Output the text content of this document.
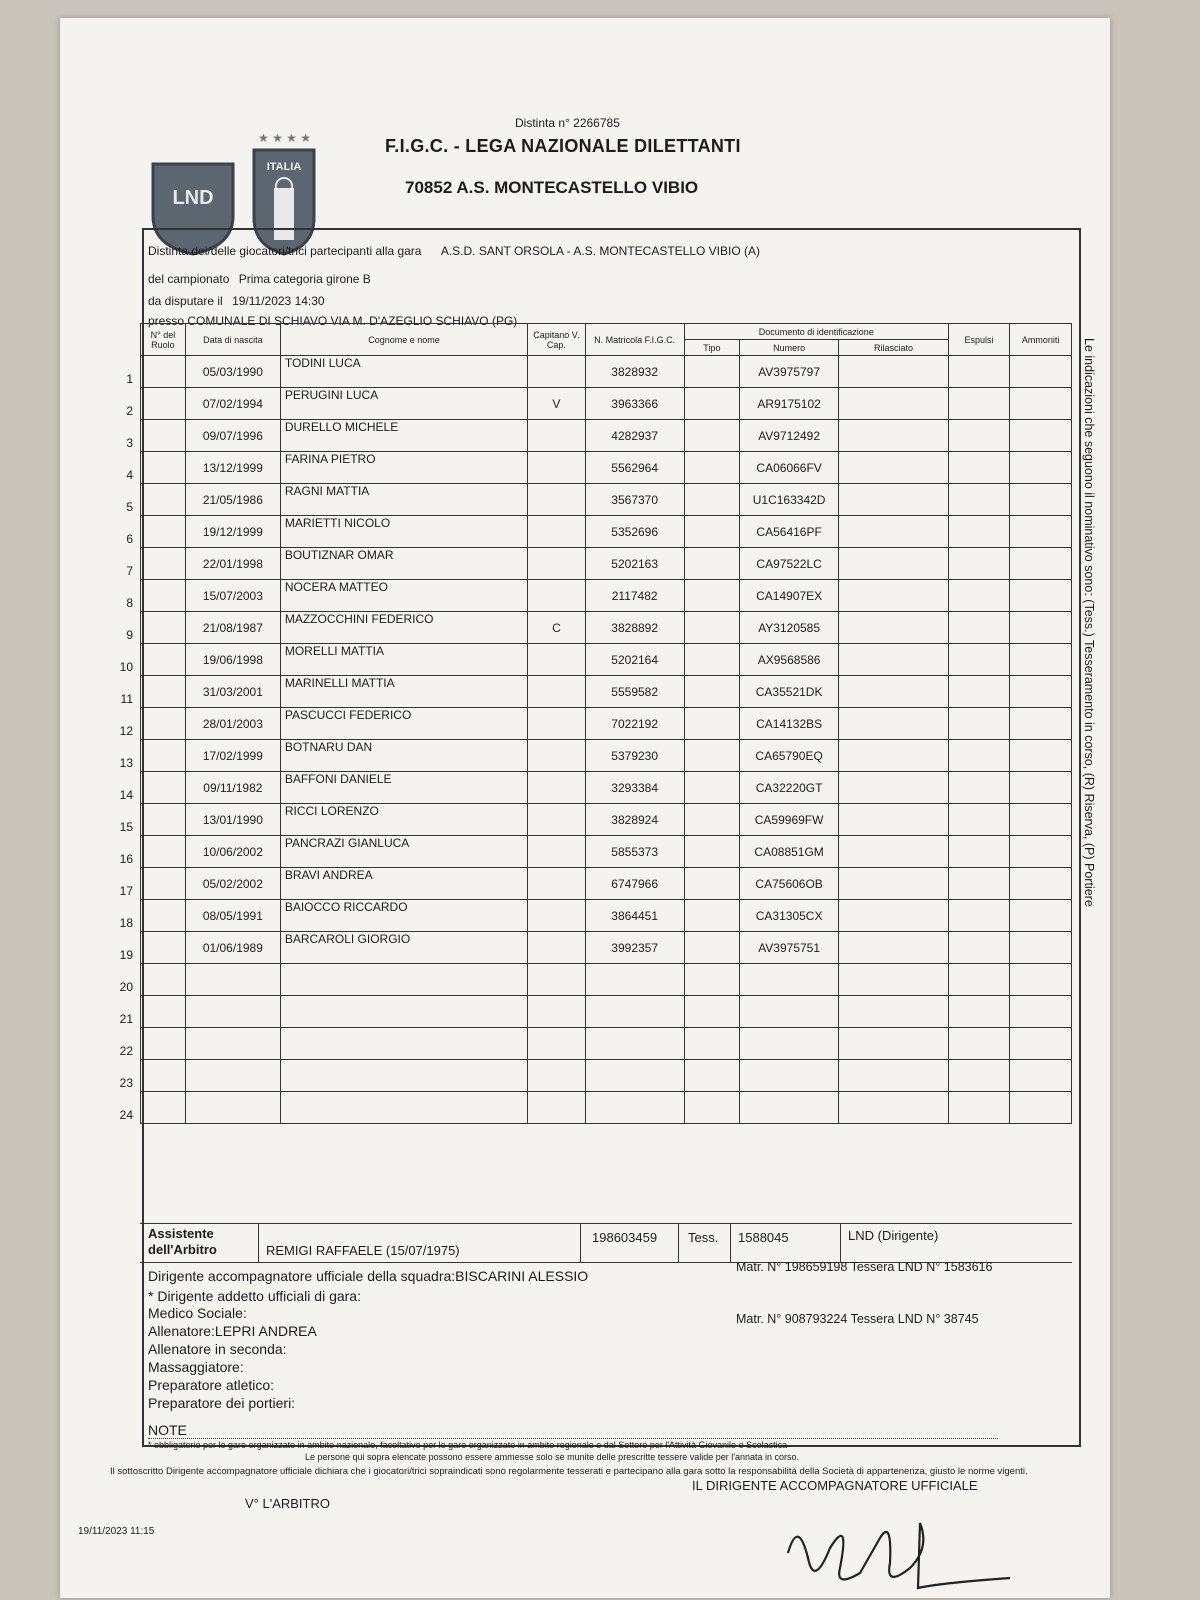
LND
★ ★ ★ ★
ITALIA
Distinta n° 2266785
F.I.G.C. - LEGA NAZIONALE DILETTANTI
70852 A.S. MONTECASTELLO VIBIO
Distinta dei/delle giocatori/trici partecipanti alla gara A.S.D. SANT ORSOLA - A.S. MONTECASTELLO VIBIO (A)
del campionato Prima categoria girone B
da disputare il 19/11/2023 14:30
presso COMUNALE DI SCHIAVO VIA M. D'AZEGLIO SCHIAVO (PG)
N° del Ruolo	Data di nascita	Cognome e nome	Capitano V. Cap.	N. Matricola F.I.G.C.	Documento di identificazione			Espulsi	Ammoniti
					Tipo	Numero	Rilasciato		

1	05/03/1990	TODINI LUCA		3828932		AV3975797			

2	07/02/1994	PERUGINI LUCA	V	3963366		AR9175102			

3	09/07/1996	DURELLO MICHELE		4282937		AV9712492			

4	13/12/1999	FARINA PIETRO		5562964		CA06066FV			

5	21/05/1986	RAGNI MATTIA		3567370		U1C163342D			

6	19/12/1999	MARIETTI NICOLO		5352696		CA56416PF			

7	22/01/1998	BOUTIZNAR OMAR		5202163		CA97522LC			

8	15/07/2003	NOCERA MATTEO		2117482		CA14907EX			

9	21/08/1987	MAZZOCCHINI FEDERICO	C	3828892		AY3120585			

10	19/06/1998	MORELLI MATTIA		5202164		AX9568586			

11	31/03/2001	MARINELLI MATTIA		5559582		CA35521DK			

12	28/01/2003	PASCUCCI FEDERICO		7022192		CA14132BS			

13	17/02/1999	BOTNARU DAN		5379230		CA65790EQ			

14	09/11/1982	BAFFONI DANIELE		3293384		CA32220GT			

15	13/01/1990	RICCI LORENZO		3828924		CA59969FW			

16	10/06/2002	PANCRAZI GIANLUCA		5855373		CA08851GM			

17	05/02/2002	BRAVI ANDREA		6747966		CA75606OB			

18	08/05/1991	BAIOCCO RICCARDO		3864451		CA31305CX			

19	01/06/1989	BARCAROLI GIORGIO		3992357		AV3975751			

20									

21									

22									

23									

24									

Assistente dell'Arbitro	REMIGI RAFFAELE (15/07/1975)
198603459 Tess. 1588045	LND (Dirigente)
Dirigente accompagnatore ufficiale della squadra:BISCARINI ALESSIO
Matr. N° 198659198 Tessera LND N° 1583616
* Dirigente addetto ufficiali di gara:
Medico Sociale:	Matr. N° 908793224 Tessera LND N° 38745
Allenatore:LEPRI ANDREA
Allenatore in seconda:
Massaggiatore:
Preparatore atletico:
Preparatore dei portieri:
NOTE
* obbligatorio per le gare organizzate in ambito nazionale, facoltativo per le gare organizzate in ambito regionale e dal Settore per l'Attività Giovanile e Scolastica
Le persone qui sopra elencate possono essere ammesse solo se munite delle prescritte tessere valide per l'annata in corso.
Le indicazioni che seguono il nominativo sono: (Tess.) Tesseramento in corso, (R) Riserva, (P) Portiere
Il sottoscritto Dirigente accompagnatore ufficiale dichiara che i giocatori/trici sopraindicati sono regolarmente tesserati e partecipano alla gara sotto la responsabilità della Società di appartenenza, giusto le norme vigenti.
V° L'ARBITRO
IL DIRIGENTE ACCOMPAGNATORE UFFICIALE
19/11/2023 11:15
